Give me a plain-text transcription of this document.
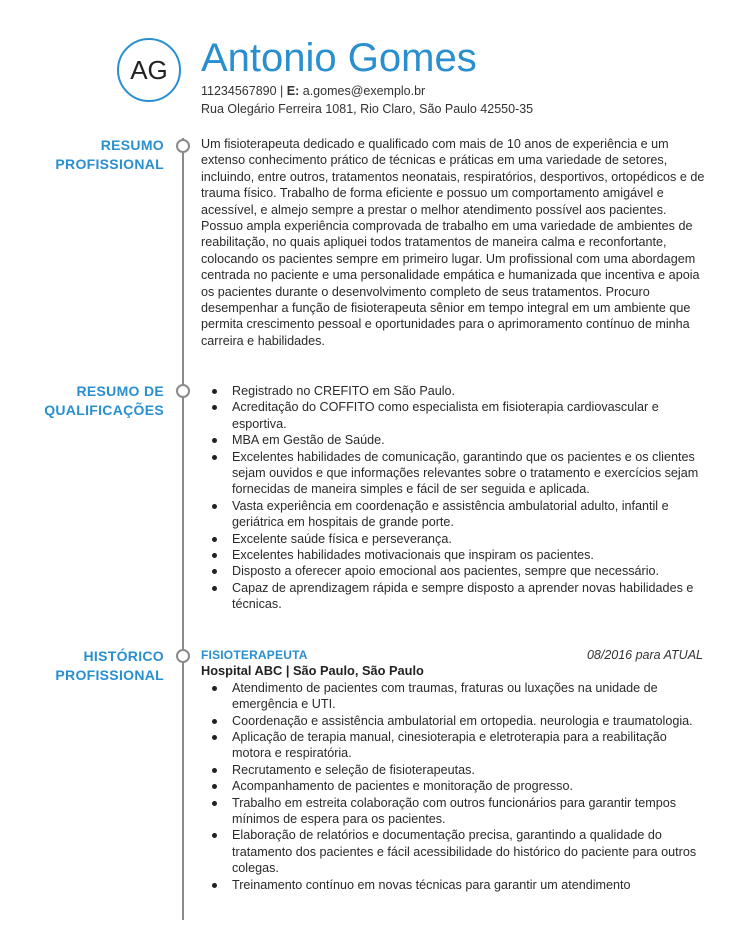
AG Antonio Gomes
11234567890 | E: a.gomes@exemplo.br
Rua Olegário Ferreira 1081, Rio Claro, São Paulo 42550-35
RESUMO
PROFISSIONAL

Um fisioterapeuta dedicado e qualificado com mais de 10 anos de experiência e um extenso conhecimento prático de técnicas e práticas em uma variedade de setores, incluindo, entre outros, tratamentos neonatais, respiratórios, desportivos, ortopédicos e de trauma físico. Trabalho de forma eficiente e possuo um comportamento amigável e acessível, e almejo sempre a prestar o melhor atendimento possível aos pacientes. Possuo ampla experiência comprovada de trabalho em uma variedade de ambientes de reabilitação, no quais apliquei todos tratamentos de maneira calma e reconfortante, colocando os pacientes sempre em primeiro lugar. Um profissional com uma abordagem centrada no paciente e uma personalidade empática e humanizada que incentiva e apoia os pacientes durante o desenvolvimento completo de seus tratamentos. Procuro desempenhar a função de fisioterapeuta sênior em tempo integral em um ambiente que permita crescimento pessoal e oportunidades para o aprimoramento contínuo de minha carreira e habilidades.

RESUMO DE
QUALIFICAÇÕES
Registrado no CREFITO em São Paulo.
Acreditação do COFFITO como especialista em fisioterapia cardiovascular e esportiva.
MBA em Gestão de Saúde.
Excelentes habilidades de comunicação, garantindo que os pacientes e os clientes sejam ouvidos e que informações relevantes sobre o tratamento e exercícios sejam fornecidas de maneira simples e fácil de ser seguida e aplicada.
Vasta experiência em coordenação e assistência ambulatorial adulto, infantil e geriátrica em hospitais de grande porte.
Excelente saúde física e perseverança.
Excelentes habilidades motivacionais que inspiram os pacientes.
Disposto a oferecer apoio emocional aos pacientes, sempre que necessário.
Capaz de aprendizagem rápida e sempre disposto a aprender novas habilidades e técnicas.
HISTÓRICO
PROFISSIONAL
FISIOTERAPEUTA	08/2016 para ATUAL
Hospital ABC | São Paulo, São Paulo
Atendimento de pacientes com traumas, fraturas ou luxações na unidade de emergência e UTI.
Coordenação e assistência ambulatorial em ortopedia. neurologia e traumatologia.
Aplicação de terapia manual, cinesioterapia e eletroterapia para a reabilitação motora e respiratória.
Recrutamento e seleção de fisioterapeutas.
Acompanhamento de pacientes e monitoração de progresso.
Trabalho em estreita colaboração com outros funcionários para garantir tempos mínimos de espera para os pacientes.
Elaboração de relatórios e documentação precisa, garantindo a qualidade do tratamento dos pacientes e fácil acessibilidade do histórico do paciente para outros colegas.
Treinamento contínuo em novas técnicas para garantir um atendimento
